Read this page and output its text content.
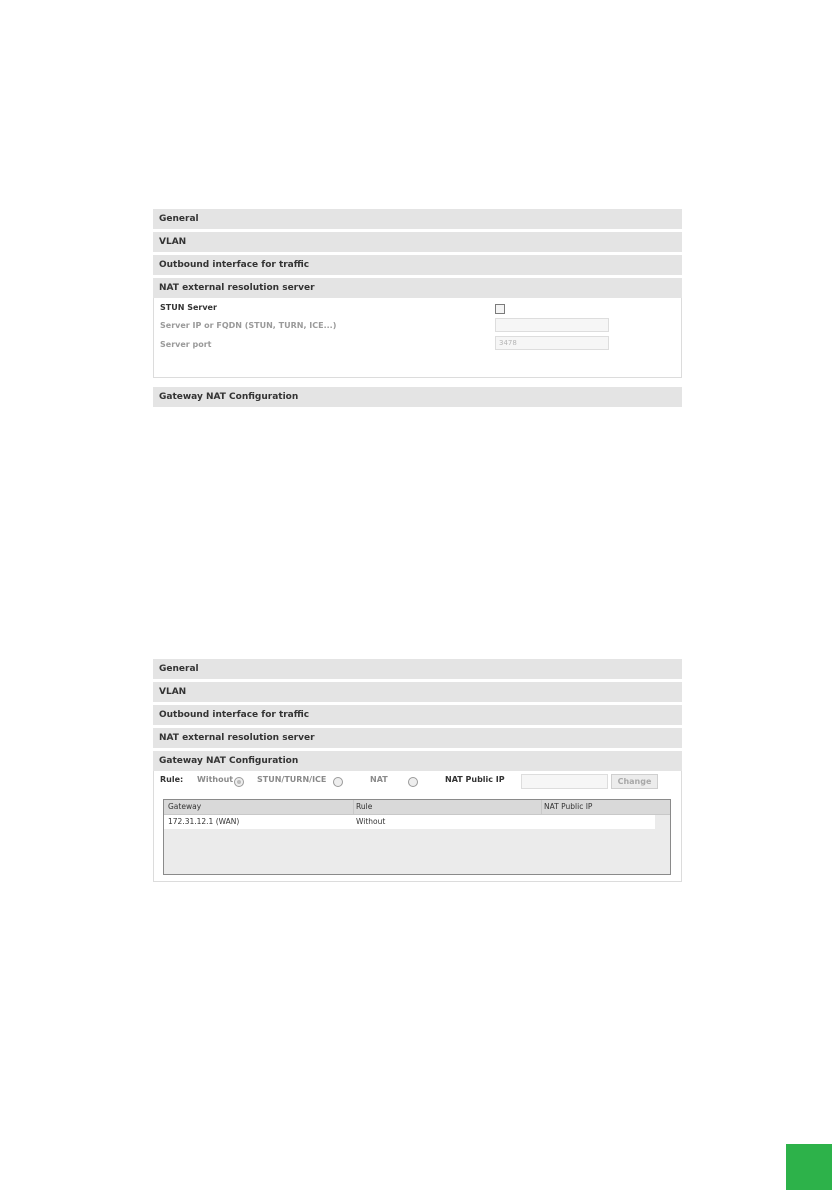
General
VLAN
Outbound interface for traffic
NAT external resolution server
STUN Server
Server IP or FQDN (STUN, TURN, ICE...)
Server port	3478
Gateway NAT Configuration
General
VLAN
Outbound interface for traffic
NAT external resolution server
Gateway NAT Configuration
Rule: Without	STUN/TURN/ICE	NAT	NAT Public IP	Change
Gateway	Rule	NAT Public IP
172.31.12.1 (WAN)	Without
